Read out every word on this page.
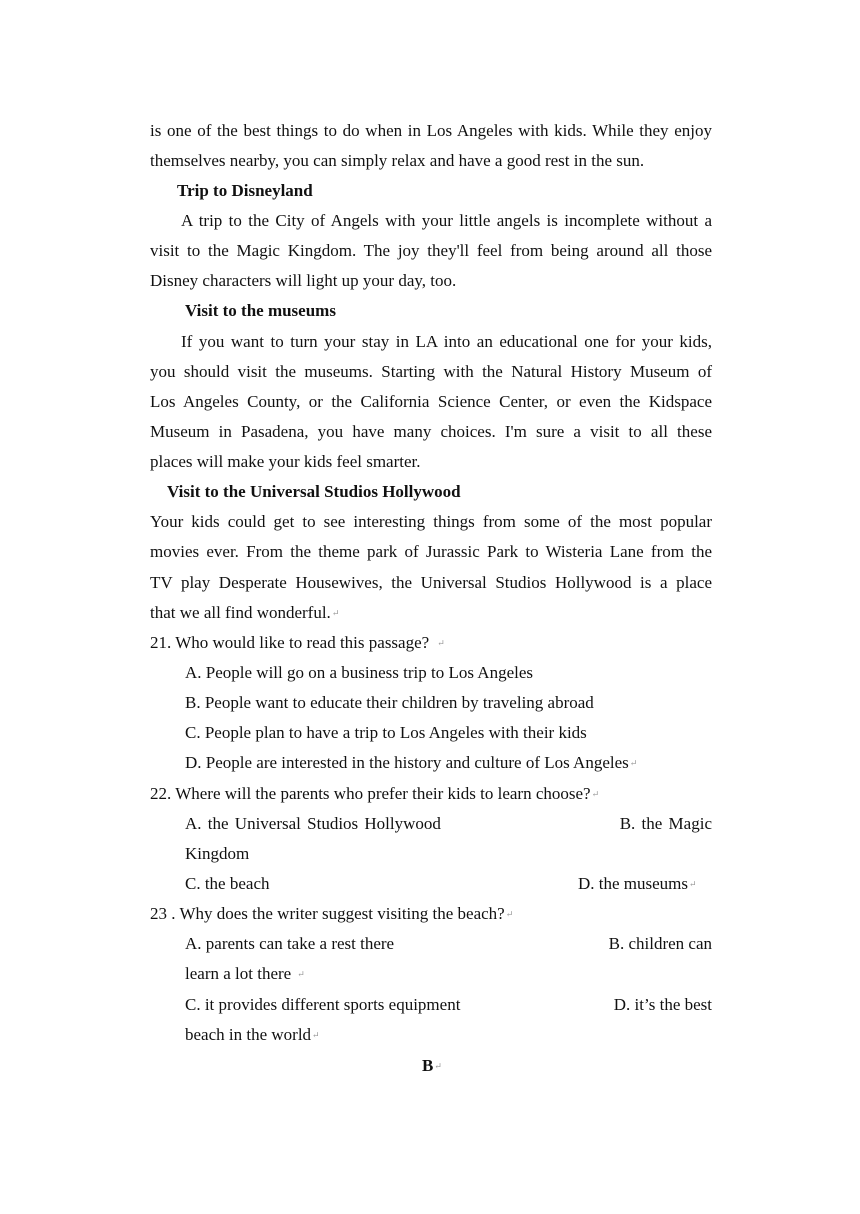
is one of the best things to do when in Los Angeles with kids. While they enjoy
themselves nearby, you can simply relax and have a good rest in the sun.
Trip to Disneyland
A trip to the City of Angels with your little angels is incomplete without a
visit to the Magic Kingdom. The joy they'll feel from being around all those
Disney characters will light up your day, too.
Visit to the museums
If you want to turn your stay in LA into an educational one for your kids,
you should visit the museums. Starting with the Natural History Museum of
Los Angeles County, or the California Science Center, or even the Kidspace
Museum in Pasadena, you have many choices. I'm sure a visit to all these
places will make your kids feel smarter.
Visit to the Universal Studios Hollywood
Your kids could get to see interesting things from some of the most popular
movies ever. From the theme park of Jurassic Park to Wisteria Lane from the
TV play Desperate Housewives, the Universal Studios Hollywood is a place
that we all find wonderful.↵
21. Who would like to read this passage? ↵
A. People will go on a business trip to Los Angeles
B. People want to educate their children by traveling abroad
C. People plan to have a trip to Los Angeles with their kids
D. People are interested in the history and culture of Los Angeles↵
22. Where will the parents who prefer their kids to learn choose?↵
A. the Universal Studios Hollywood	B. the Magic
Kingdom
C. the beach	D. the museums↵
23 . Why does the writer suggest visiting the beach?↵
A. parents can take a rest there	B. children can
learn a lot there ↵
C. it provides different sports equipment	D. it’s the best
beach in the world↵
B↵
